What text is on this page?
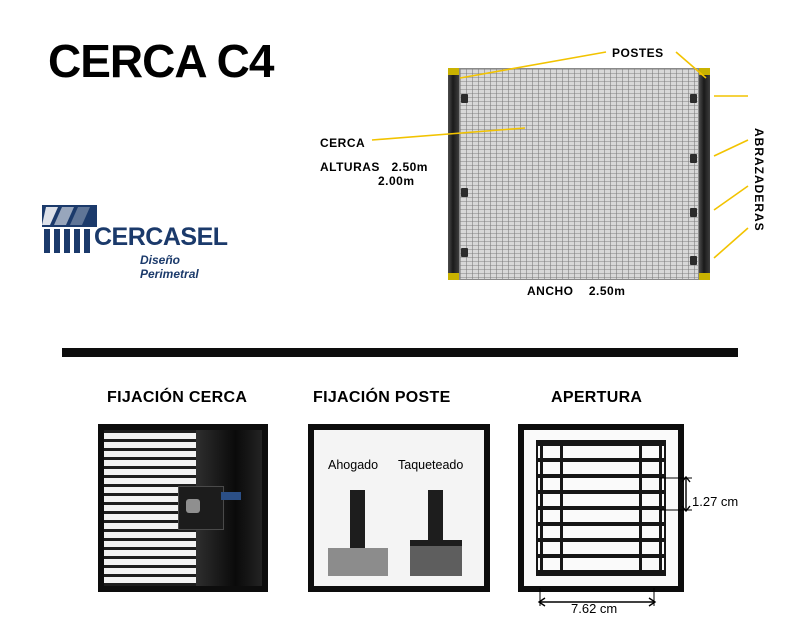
CERCA C4
CERCASEL
Diseño Perimetral
POSTES
CERCA
ALTURAS 2.50m
2.00m
ANCHO 2.50m
ABRAZADERAS
FIJACIÓN CERCA	FIJACIÓN POSTE	APERTURA
Ahogado Taqueteado
1.27 cm
7.62 cm
